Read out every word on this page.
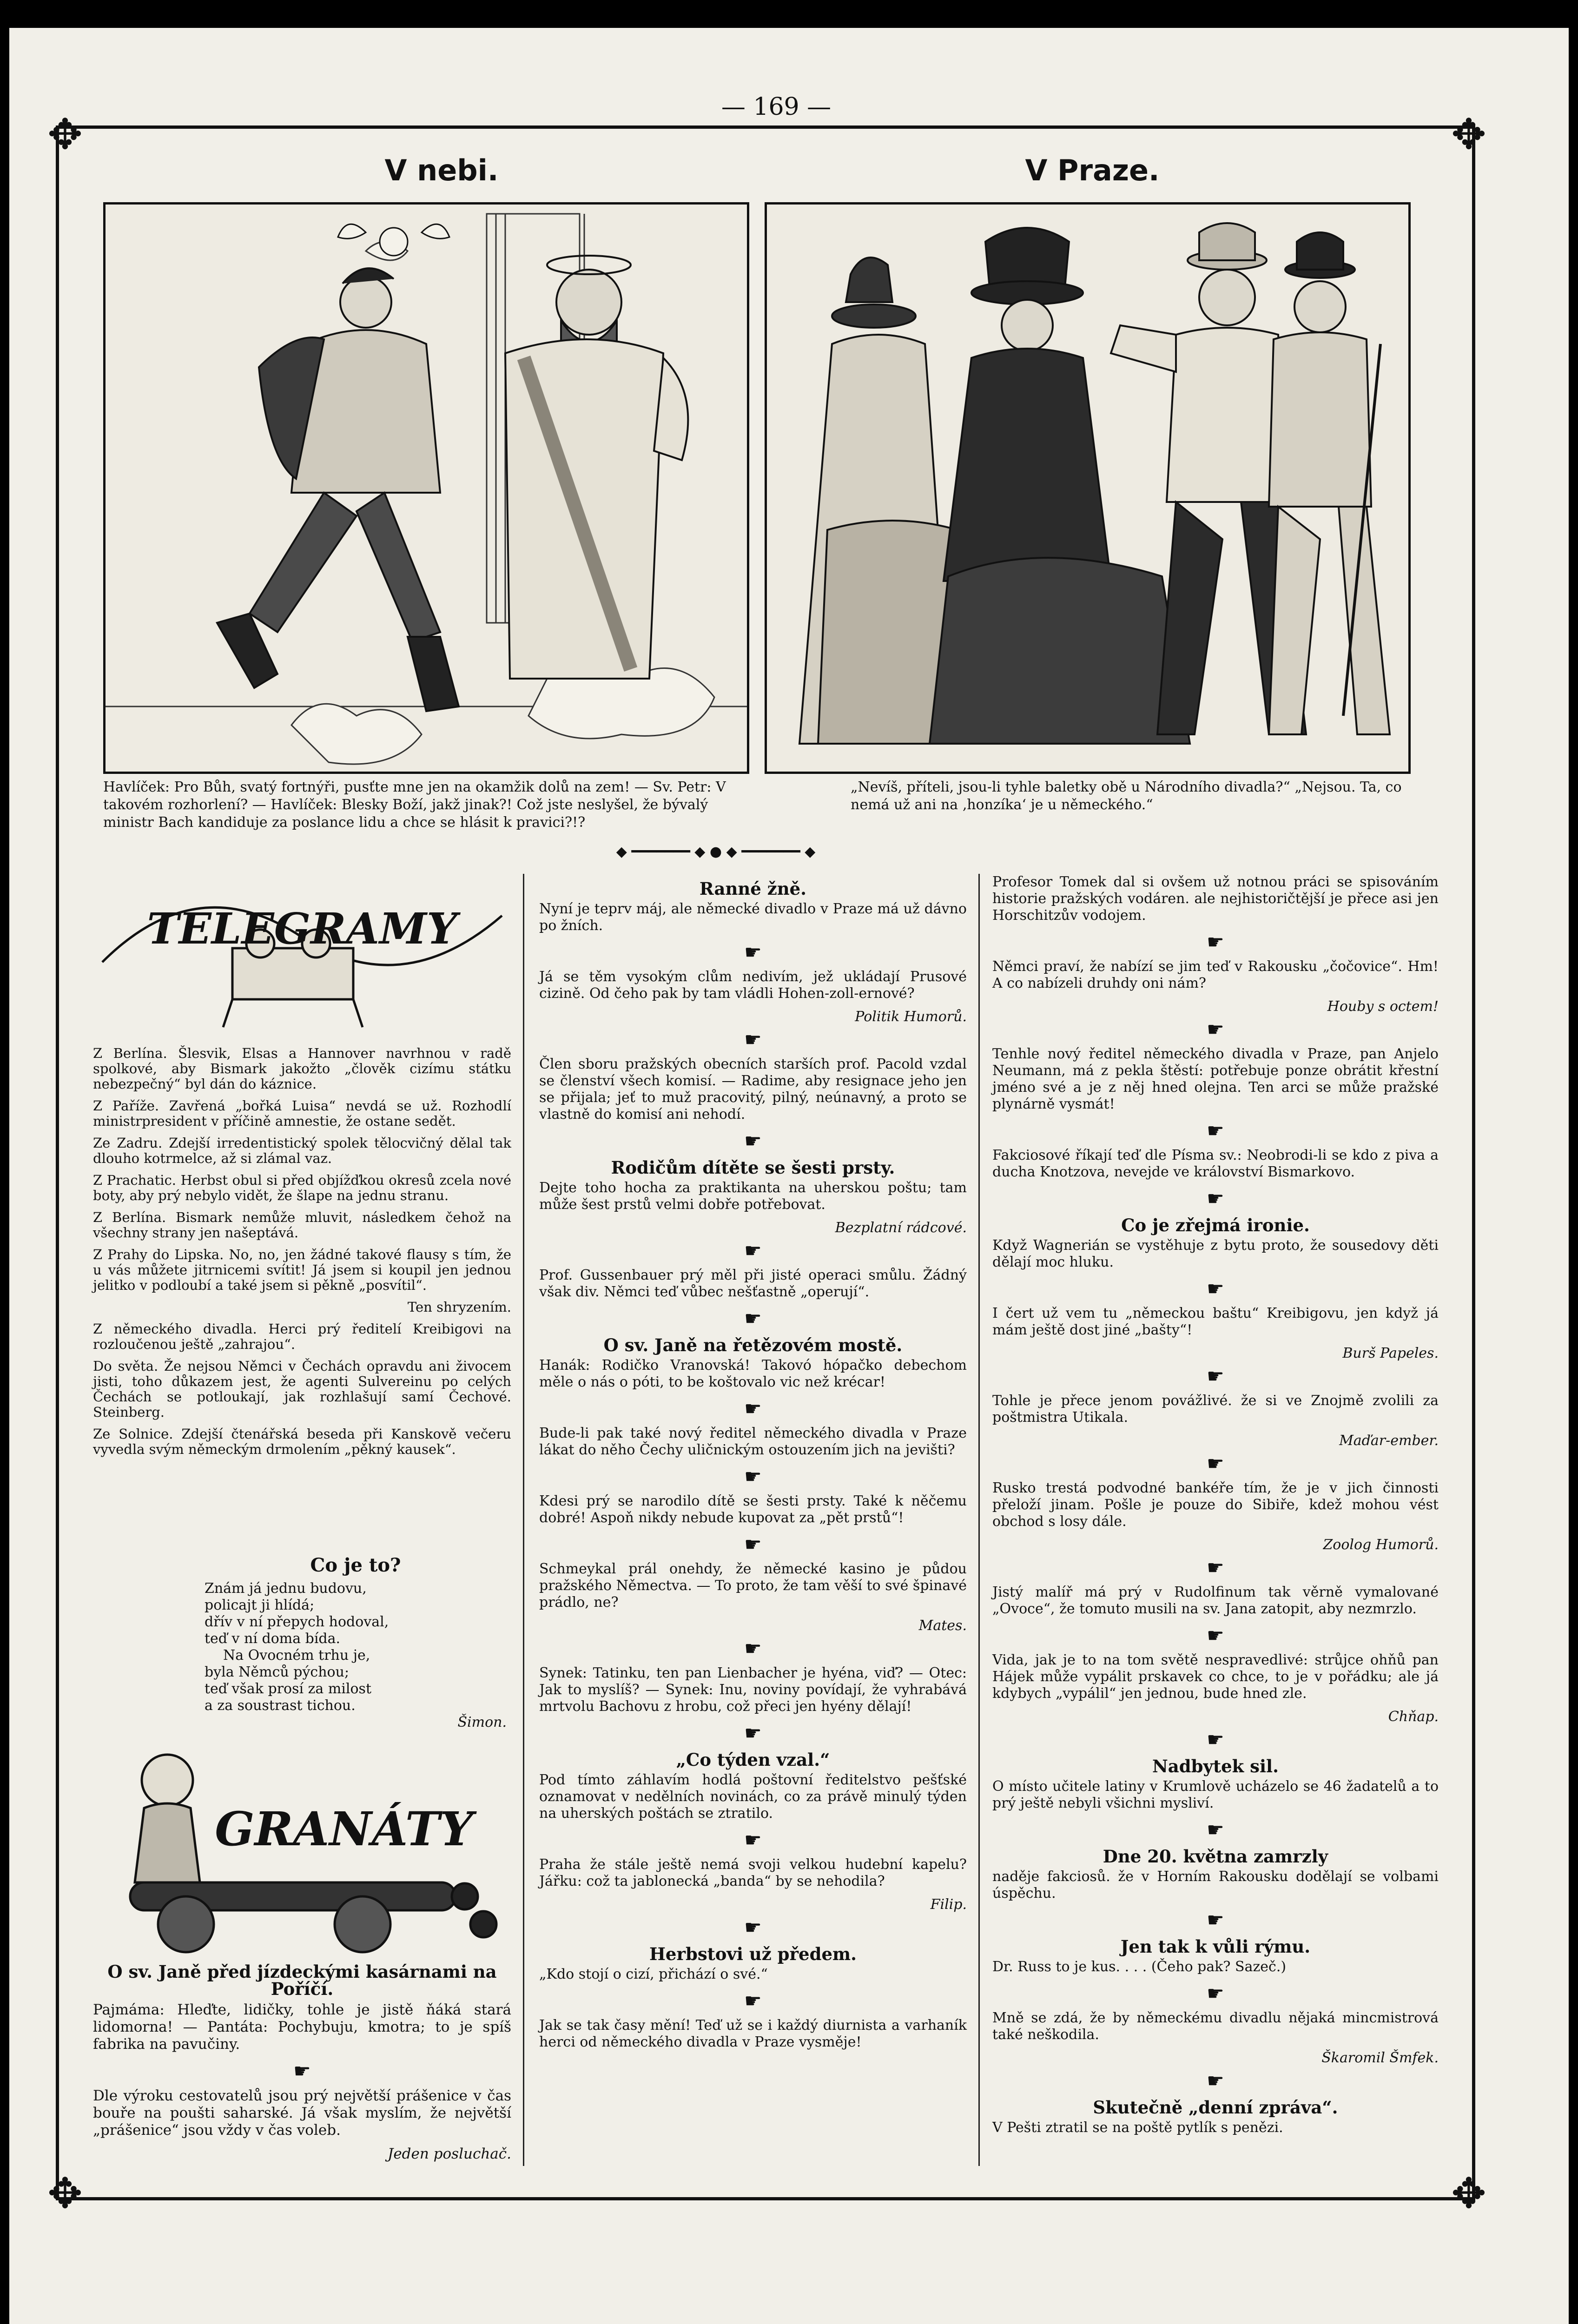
— 169 —
✥	✥
✥	✥
V nebi.	V Praze.
Havlíček: Pro Bůh, svatý fortnýři, pusťte mne jen na okamžik dolů na zem! — Sv. Petr: V takovém rozhorlení? — Havlíček: Blesky Boží, jakž jinak?! Což jste neslyšel, že bývalý ministr Bach kandiduje za poslance lidu a chce se hlásit k pravici?!?
„Nevíš, příteli, jsou-li tyhle baletky obě u Národního divadla?“ „Nejsou. Ta, co nemá už ani na ‚honzíka‘ je u německého.“
◆ ━━━━━━━ ◆ ● ◆ ━━━━━━━ ◆
TELEGRAMY

Z Berlína. Šlesvik, Elsas a Hannover navrhnou v radě spolkové, aby Bismark jakožto „člověk cizímu státku nebezpečný“ byl dán do káznice.

Z Paříže. Zavřená „bořká Luisa“ nevdá se už. Rozhodlí ministrpresident v příčině amnestie, že ostane sedět.

Ze Zadru. Zdejší irredentistický spolek tělocvičný dělal tak dlouho kotrmelce, až si zlámal vaz.

Z Prachatic. Herbst obul si před objížďkou okresů zcela nové boty, aby prý nebylo vidět, že šlape na jednu stranu.

Z Berlína. Bismark nemůže mluvit, následkem čehož na všechny strany jen našeptává.

Z Prahy do Lipska. No, no, jen žádné takové flausy s tím, že u vás můžete jitrnicemi svítit! Já jsem si koupil jen jednou jelitko v podloubí a také jsem si pěkně „posvítil“.

Ten shryzením.

Z německého divadla. Herci prý ředitelí Kreibigovi na rozloučenou ještě „zahrajou“.

Do světa. Že nejsou Němci v Čechách opravdu ani živocem jisti, toho důkazem jest, že agenti Sulvereinu po celých Čechách se potloukají, jak rozhlašují samí Čechové. Steinberg.

Ze Solnice. Zdejší čtenářská beseda při Kanskově večeru vyvedla svým německým drmolením „pěkný kausek“.

Co je to?
Znám já jednu budovu,
policajt ji hlídá;
dřív v ní přepych hodoval,
teď v ní doma bída.
Na Ovocném trhu je,
byla Němců pýchou;
teď však prosí za milost
a za soustrast tichou.
Šimon.
GRANÁTY
O sv. Janě před jízdeckými kasárnami na Poříčí.

Pajmáma: Hleďte, lidičky, tohle je jistě ňáká stará lidomorna! — Pantáta: Pochybuju, kmotra; to je spíš fabrika na pavučiny.

☛

Dle výroku cestovatelů jsou prý největší prášenice v čas bouře na poušti saharské. Já však myslím, že největší „prášenice“ jsou vždy v čas voleb.

Jeden posluchač.
Ranné žně.

Nyní je teprv máj, ale německé divadlo v Praze má už dávno po žních.

☛

Já se těm vysokým clům nedivím, jež ukládají Prusové cizině. Od čeho pak by tam vládli Hohen-zoll-ernové?

Politik Humorů.
☛

Člen sboru pražských obecních starších prof. Pacold vzdal se členství všech komisí. — Radime, aby resignace jeho jen se přijala; jeť to muž pracovitý, pilný, neúnavný, a proto se vlastně do komisí ani nehodí.

☛
Rodičům dítěte se šesti prsty.

Dejte toho hocha za praktikanta na uherskou poštu; tam může šest prstů velmi dobře potřebovat.

Bezplatní rádcové.
☛

Prof. Gussenbauer prý měl při jisté operaci smůlu. Žádný však div. Němci teď vůbec nešťastně „operují“.

☛
O sv. Janě na řetězovém mostě.

Hanák: Rodičko Vranovská! Takovó hópačko debechom měle o nás o póti, to be koštovalo vic než krécar!

☛

Bude-li pak také nový ředitel německého divadla v Praze lákat do něho Čechy uličnickým ostouzením jich na jevišti?

☛

Kdesi prý se narodilo dítě se šesti prsty. Také k něčemu dobré! Aspoň nikdy nebude kupovat za „pět prstů“!

☛

Schmeykal prál onehdy, že německé kasino je půdou pražského Němectva. — To proto, že tam věší to své špinavé prádlo, ne?

Mates.
☛

Synek: Tatinku, ten pan Lienbacher je hyéna, viď? — Otec: Jak to myslíš? — Synek: Inu, noviny povídají, že vyhrabává mrtvolu Bachovu z hrobu, což přeci jen hyény dělají!

☛
„Co týden vzal.“

Pod tímto záhlavím hodlá poštovní ředitelstvo pešťské oznamovat v nedělních novinách, co za právě minulý týden na uherských poštách se ztratilo.

☛

Praha že stále ještě nemá svoji velkou hudební kapelu? Jářku: což ta jablonecká „banda“ by se nehodila?

Filip.
☛
Herbstovi už předem.

„Kdo stojí o cizí, přichází o své.“

☛

Jak se tak časy mění! Teď už se i každý diurnista a varhaník herci od německého divadla v Praze vysměje!

Profesor Tomek dal si ovšem už notnou práci se spisováním historie pražských vodáren. ale nejhistoričtější je přece asi jen Horschitzův vodojem.

☛

Němci praví, že nabízí se jim teď v Rakousku „čočovice“. Hm! A co nabízeli druhdy oni nám?

Houby s octem!
☛

Tenhle nový ředitel německého divadla v Praze, pan Anjelo Neumann, má z pekla štěstí: potřebuje ponze obrátit křestní jméno své a je z něj hned olejna. Ten arci se může pražské plynárně vysmát!

☛

Fakciosové říkají teď dle Písma sv.: Neobrodi-li se kdo z piva a ducha Knotzova, nevejde ve království Bismarkovo.

☛
Co je zřejmá ironie.

Když Wagnerián se vystěhuje z bytu proto, že sousedovy děti dělají moc hluku.

☛

I čert už vem tu „německou baštu“ Kreibigovu, jen když já mám ještě dost jiné „bašty“!

Burš Papeles.
☛

Tohle je přece jenom povážlivé. že si ve Znojmě zvolili za poštmistra Utikala.

Maďar-ember.
☛

Rusko trestá podvodné bankéře tím, že je v jich činnosti přeloží jinam. Pošle je pouze do Sibiře, kdež mohou vést obchod s losy dále.

Zoolog Humorů.
☛

Jistý malíř má prý v Rudolfinum tak věrně vymalované „Ovoce“, že tomuto musili na sv. Jana zatopit, aby nezmrzlo.

☛

Vida, jak je to na tom světě nespravedlivé: strůjce ohňů pan Hájek může vypálit prskavek co chce, to je v pořádku; ale já kdybych „vypálil“ jen jednou, bude hned zle.

Chňap.
☛
Nadbytek sil.

O místo učitele latiny v Krumlově ucházelo se 46 žadatelů a to prý ještě nebyli všichni mysliví.

☛
Dne 20. května zamrzly

naděje fakciosů. že v Horním Rakousku dodělají se volbami úspěchu.

☛
Jen tak k vůli rýmu.

Dr. Russ to je kus. . . . (Čeho pak? Sazeč.)

☛

Mně se zdá, že by německému divadlu nějaká mincmistrová také neškodila.

Škaromil Šmfek.
☛
Skutečně „denní zpráva“.

V Pešti ztratil se na poště pytlík s penězi.
